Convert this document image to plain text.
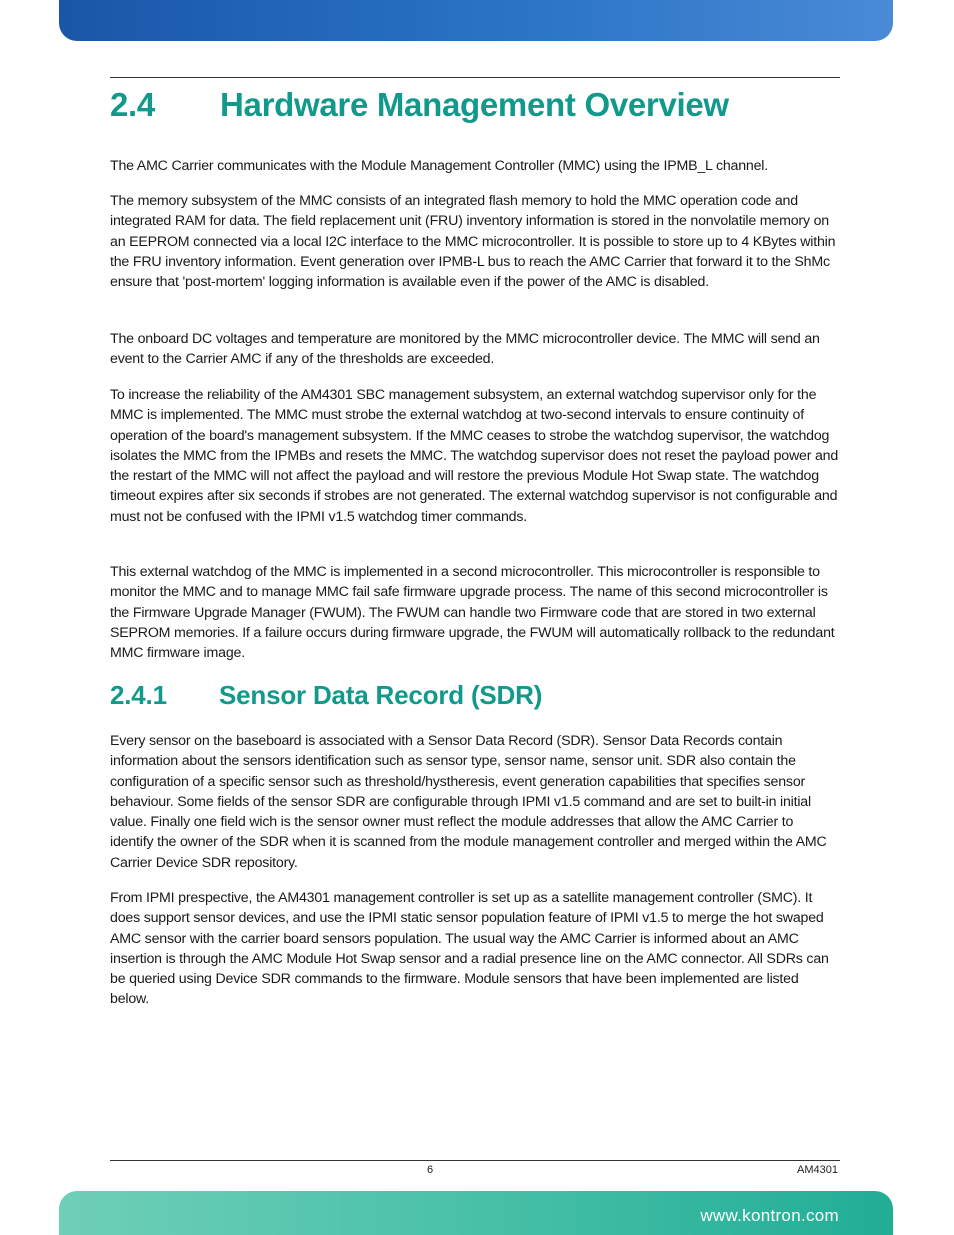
2.4 Hardware Management Overview

The AMC Carrier communicates with the Module Management Controller (MMC) using the IPMB_L channel.

The memory subsystem of the MMC consists of an integrated flash memory to hold the MMC operation code and integrated RAM for data. The field replacement unit (FRU) inventory information is stored in the nonvolatile memory on an EEPROM connected via a local I2C interface to the MMC microcontroller. It is possible to store up to 4 KBytes within the FRU inventory information. Event generation over IPMB-L bus to reach the AMC Carrier that forward it to the ShMc ensure that 'post-mortem' logging information is available even if the power of the AMC is disabled.

The onboard DC voltages and temperature are monitored by the MMC microcontroller device. The MMC will send an event to the Carrier AMC if any of the thresholds are exceeded.

To increase the reliability of the AM4301 SBC management subsystem, an external watchdog supervisor only for the MMC is implemented. The MMC must strobe the external watchdog at two-second intervals to ensure continuity of operation of the board's management subsystem. If the MMC ceases to strobe the watchdog supervisor, the watchdog isolates the MMC from the IPMBs and resets the MMC. The watchdog supervisor does not reset the payload power and the restart of the MMC will not affect the payload and will restore the previous Module Hot Swap state. The watchdog timeout expires after six seconds if strobes are not generated. The external watchdog supervisor is not configurable and must not be confused with the IPMI v1.5 watchdog timer commands.

This external watchdog of the MMC is implemented in a second microcontroller. This microcontroller is responsible to monitor the MMC and to manage MMC fail safe firmware upgrade process. The name of this second microcontroller is the Firmware Upgrade Manager (FWUM). The FWUM can handle two Firmware code that are stored in two external SEPROM memories. If a failure occurs during firmware upgrade, the FWUM will automatically rollback to the redundant MMC firmware image.

2.4.1 Sensor Data Record (SDR)

Every sensor on the baseboard is associated with a Sensor Data Record (SDR). Sensor Data Records contain information about the sensors identification such as sensor type, sensor name, sensor unit. SDR also contain the configuration of a specific sensor such as threshold/hystheresis, event generation capabilities that specifies sensor behaviour. Some fields of the sensor SDR are configurable through IPMI v1.5 command and are set to built-in initial value. Finally one field wich is the sensor owner must reflect the module addresses that allow the AMC Carrier to identify the owner of the SDR when it is scanned from the module management controller and merged within the AMC Carrier Device SDR repository.

From IPMI prespective, the AM4301 management controller is set up as a satellite management controller (SMC). It does support sensor devices, and use the IPMI static sensor population feature of IPMI v1.5 to merge the hot swaped AMC sensor with the carrier board sensors population. The usual way the AMC Carrier is informed about an AMC insertion is through the AMC Module Hot Swap sensor and a radial presence line on the AMC connector. All SDRs can be queried using Device SDR commands to the firmware. Module sensors that have been implemented are listed below.

6	AM4301
www.kontron.com
